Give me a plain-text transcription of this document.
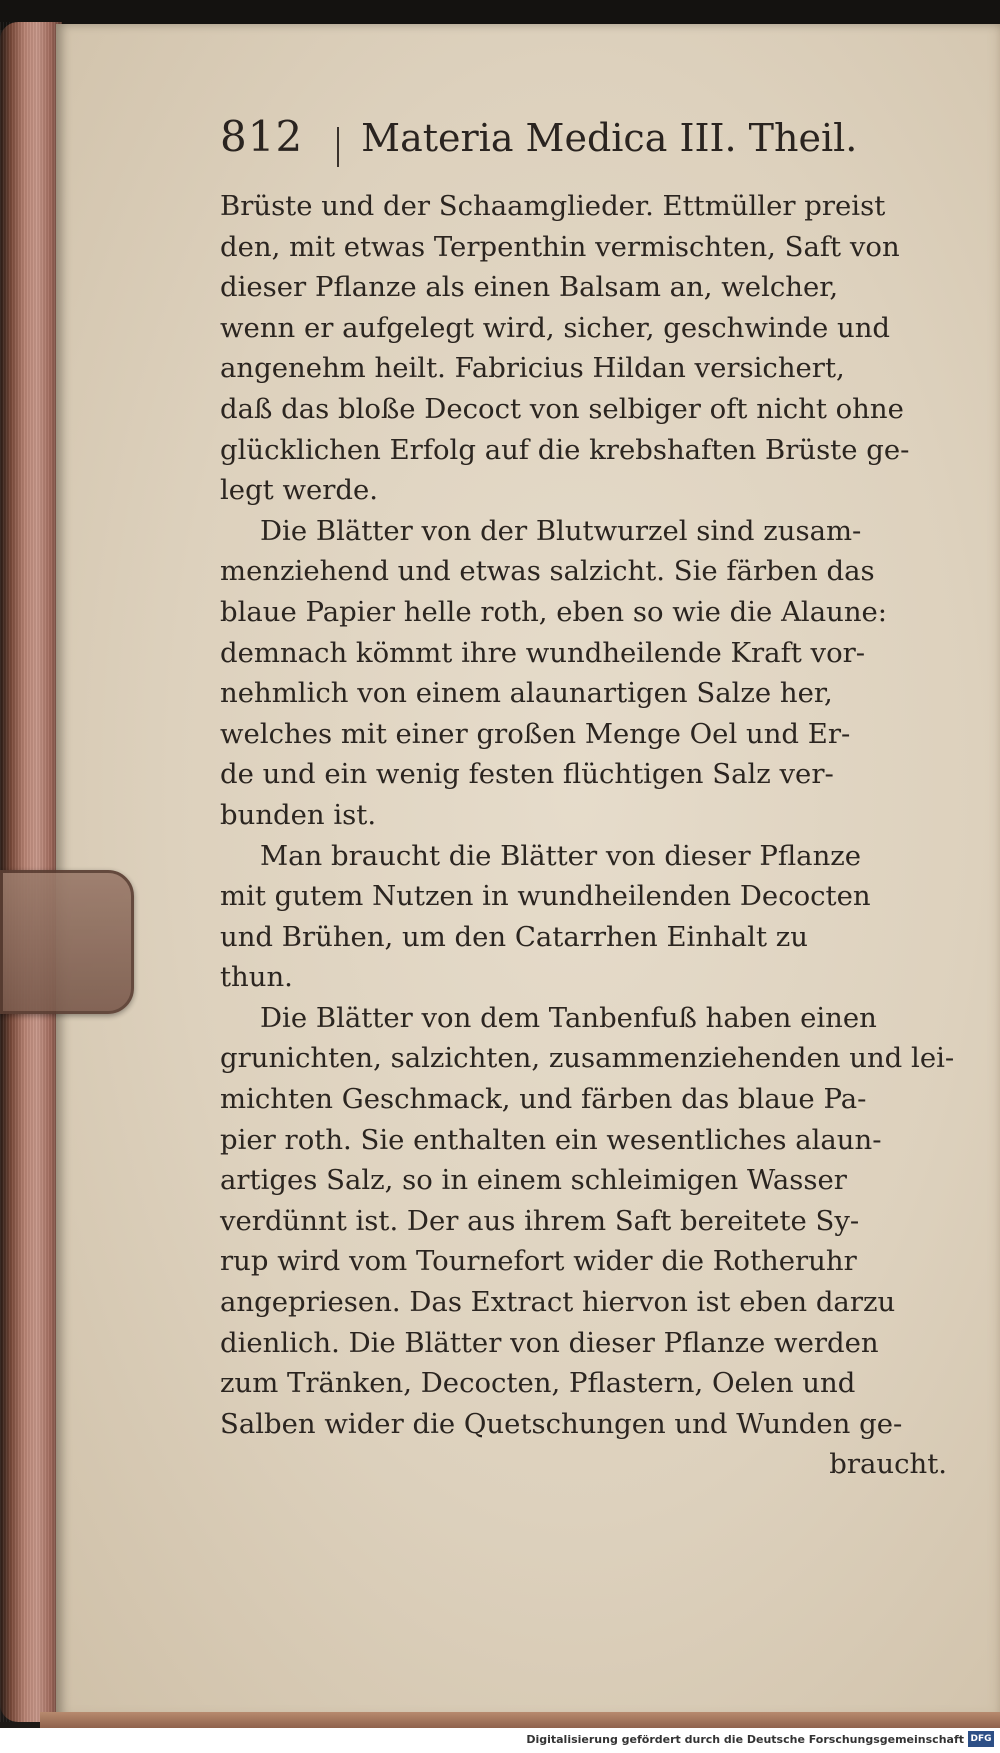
812 Materia Medica III. Theil.
Brüste und der Schaamglieder. Ettmüller preist
den, mit etwas Terpenthin vermischten, Saft von
dieser Pflanze als einen Balsam an, welcher,
wenn er aufgelegt wird, sicher, geschwinde und
angenehm heilt. Fabricius Hildan versichert,
daß das bloße Decoct von selbiger oft nicht ohne
glücklichen Erfolg auf die krebshaften Brüste ge-
legt werde.
Die Blätter von der Blutwurzel sind zusam-
menziehend und etwas salzicht. Sie färben das
blaue Papier helle roth, eben so wie die Alaune:
demnach kömmt ihre wundheilende Kraft vor-
nehmlich von einem alaunartigen Salze her,
welches mit einer großen Menge Oel und Er-
de und ein wenig festen flüchtigen Salz ver-
bunden ist.
Man braucht die Blätter von dieser Pflanze
mit gutem Nutzen in wundheilenden Decocten
und Brühen, um den Catarrhen Einhalt zu
thun.
Die Blätter von dem Tanbenfuß haben einen
grunichten, salzichten, zusammenziehenden und lei-
michten Geschmack, und färben das blaue Pa-
pier roth. Sie enthalten ein wesentliches alaun-
artiges Salz, so in einem schleimigen Wasser
verdünnt ist. Der aus ihrem Saft bereitete Sy-
rup wird vom Tournefort wider die Rotheruhr
angepriesen. Das Extract hiervon ist eben darzu
dienlich. Die Blätter von dieser Pflanze werden
zum Tränken, Decocten, Pflastern, Oelen und
Salben wider die Quetschungen und Wunden ge-
braucht.
Digitalisierung gefördert durch die Deutsche Forschungsgemeinschaft DFG
